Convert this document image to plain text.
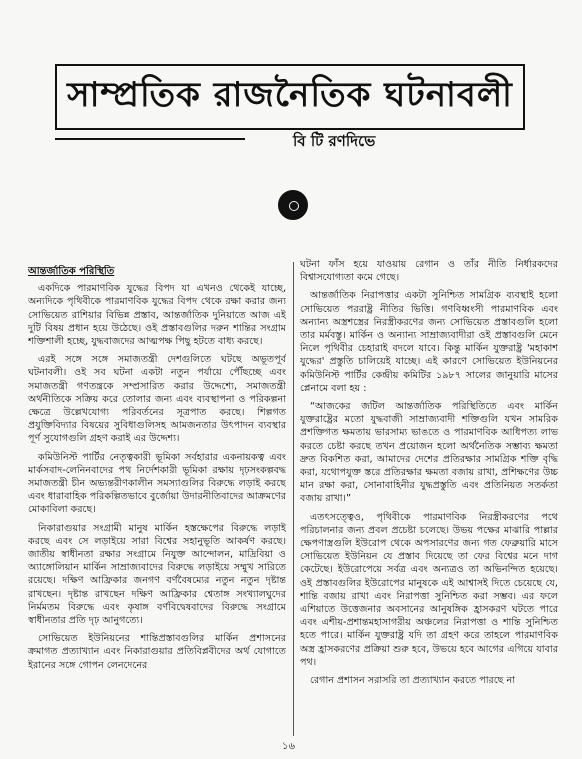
সাম্প্রতিক রাজনৈতিক ঘটনাবলী
বি টি রণদিভে

আন্তর্জাতিক পরিস্থিতি

একদিকে পারমাণবিক যুদ্ধের বিপদ যা এখনও থেকেই যাচ্ছে, অন্যদিকে পৃথিবীকে পারমাণবিক যুদ্ধের বিপদ থেকে রক্ষা করার জন্য সোভিয়েত রাশিয়ার বিভিন্ন প্রস্তাব, আন্তর্জাতিক দুনিয়াতে আজ এই দুটি বিষয় প্রধান হয়ে উঠেছে। ওই প্রস্তাবগুলির দরুন শান্তির সংগ্রাম শক্তিশালী হচ্ছে, যুদ্ধবাজদের আত্মপক্ষ পিছু হটতে বাধ্য করছে।

এরই সঙ্গে সঙ্গে সমাজতন্ত্রী দেশগুলিতে ঘটছে অভূতপূর্ব ঘটনাবলী। ওই সব ঘটনা একটা নতুন পর্যায়ে পৌঁছচ্ছে এবং সমাজতন্ত্রী গণতন্ত্রকে সম্প্রসারিত করার উদ্দেশ্যে, সমাজতন্ত্রী অর্থনীতিকে সক্রিয় করে তোলার জন্য এবং ব্যবস্থাপনা ও পরিকল্পনা ক্ষেত্রে উল্লেখযোগ্য পরিবর্তনের সূত্রপাত করছে। শিল্পগত প্রযুক্তিবিদ্যার বিষয়ের সুবিধাগুলিসহ আমজনতার উৎপাদন ব্যবস্থার পূর্ণ সুযোগগুলি গ্রহণ করাই এর উদ্দেশ্য।

কমিউনিস্ট পার্টির নেতৃত্বকারী ভূমিকা সর্বহারার একনায়কত্ব এবং মার্কসবাদ-লেনিনবাদের পথ নির্দেশকারী ভূমিকা রক্ষায় দৃঢ়সংকল্পবদ্ধ সমাজতন্ত্রী চীন অভ্যন্তরীণকালীন সমস্যাগুলির বিরুদ্ধে লড়াই করছে এবং ধারাবাহিক পরিকল্পিতভাবে বুর্জোয়া উদারনীতিবাদের আক্রমণের মোকাবিলা করছে।

নিকারাগুয়ার সংগ্রামী মানুষ মার্কিন হস্তক্ষেপের বিরুদ্ধে লড়াই করছে এবং সে লড়াইয়ে সারা বিশ্বের সহানুভূতি আকর্ষণ করছে। জাতীয় স্বাধীনতা রক্ষার সংগ্রামে নিযুক্ত আন্দোলন, মাদ্রিবিয়া ও অ্যাঙ্গোলিয়ান মার্কিন সাম্রাজ্যবাদের বিরুদ্ধে লড়াইয়ে সম্মুখ সারিতে রয়েছে। দক্ষিণ আফ্রিকার জনগণ বর্ণবৈষম্যের নতুন নতুন দৃষ্টান্ত রাখছেন। দৃষ্টান্ত রাখছেন দক্ষিণ আফ্রিকার শ্বেতাঙ্গ সংখ্যালঘুদের নির্মমতম বিরুদ্ধে এবং কৃষাঙ্গ বর্ণবিদ্বেষবাদের বিরুদ্ধে সংগ্রামে স্বাধীনতার প্রতি দৃঢ় আনুগত্যে।

সোভিয়েত ইউনিয়নের শান্তিপ্রস্তাবগুলির মার্কিন প্রশাসনের ক্রমাগত প্রত্যাখ্যান এবং নিকারাগুয়ার প্রতিবিপ্লবীদের অর্থ যোগাতে ইরানের সঙ্গে গোপন লেনদেনের

ঘটনা ফাঁস হয়ে যাওয়ায় রেগান ও তাঁর নীতি নির্ধারকদের বিশ্বাসযোগ্যতা কমে গেছে।

আন্তর্জাতিক নিরাপত্তার একটা সুনিশ্চিত সামগ্রিক ব্যবস্থাই হলো সোভিয়েত পররাষ্ট্র নীতির ভিত্তি। গণবিধ্বংসী পারমাণবিক এবং অন্যান্য অস্ত্রশস্ত্রের নিরস্ত্রীকরণের জন্য সোভিয়েত প্রস্তাবগুলি হলো তার মর্মবস্তু। মার্কিন ও অন্যান্য সাম্রাজ্যবাদীরা ওই প্রস্তাবগুলি মেনে নিলে পৃথিবীর চেহারাই বদলে যাবে। কিন্তু মার্কিন যুক্তরাষ্ট্র 'মহাকাশ যুদ্ধের' প্রস্তুতি চালিয়েই যাচ্ছে। এই কারণে সোভিয়েত ইউনিয়নের কমিউনিস্ট পার্টির কেন্দ্রীয় কমিটির ১৯৮৭ সালের জানুয়ারি মাসের প্লেনামে বলা হয় :

“আজকের জটিল আন্তর্জাতিক পরিস্থিতিতে এবং মার্কিন যুক্তরাষ্ট্রের মতো যুদ্ধবাজী সাম্রাজ্যবাদী শক্তিগুলি যখন সামরিক প্রশক্তিগত ক্ষমতায় ভারসাম্য ভাঙতে ও পারমাণবিক আধিপত্য লাভ করতে চেষ্টা করছে তখন প্রয়োজন হলো অর্থনৈতিক সম্ভাব্য ক্ষমতা দ্রুত বিকশিত করা, আমাদের দেশের প্রতিরক্ষার সামগ্রিক শক্তি বৃদ্ধি করা, যথোপযুক্ত স্তরে প্রতিরক্ষার ক্ষমতা বজায় রাখা, প্রশিক্ষণের উচ্চ মান রক্ষা করা, সোনাবাহিনীর যুদ্ধপ্রস্তুতি এবং প্রতিনিয়ত সতর্কতা বজায় রাখা।”

এতৎসত্ত্বেও, পৃথিবীকে পারমাণবিক নিরস্ত্রীকরণের পথে পরিচালনার জন্য প্রবল প্রচেষ্টা চলেছে। উভয় পক্ষের মাঝারি পাল্লার ক্ষেপণাস্ত্রগুলি ইউরোপ থেকে অপসারণের জন্য গত ফেব্রুয়ারি মাসে সোভিয়েত ইউনিয়ন যে প্রস্তাব দিয়েছে তা ফের বিশ্বের মনে দাগ কেটেছে। ইউরোপেয়ে সর্বত্র এবং অন্যত্রও তা অভিনন্দিত হয়েছে। ওই প্রস্তাবগুলির ইউরোপের মানুষকে এই আশ্বাসই দিতে চেয়েছে যে, শান্তি বজায় রাখা এবং নিরাপত্তা সুনিশ্চিত করা সম্ভব। এর ফলে এশিয়াতে উত্তেজনার অবসানের আনুষঙ্গিক হ্রাসকরণ ঘটতে পারে এবং এশীয়-প্রশান্তমহাসাগরীয় অঞ্চলের নিরাপত্তা ও শান্তি সুনিশ্চিত হতে পারে। মার্কিন যুক্তরাষ্ট্র যদি তা গ্রহণ করে তাহলে পারমাণবিক অস্ত্র হ্রাসকরণের প্রক্রিয়া শুরু হবে, উভয়ে হবে আগের এগিয়ে যাবার পথ।

রেগান প্রশাসন সরাসরি তা প্রত্যাখ্যান করতে পারছে না

১৬
